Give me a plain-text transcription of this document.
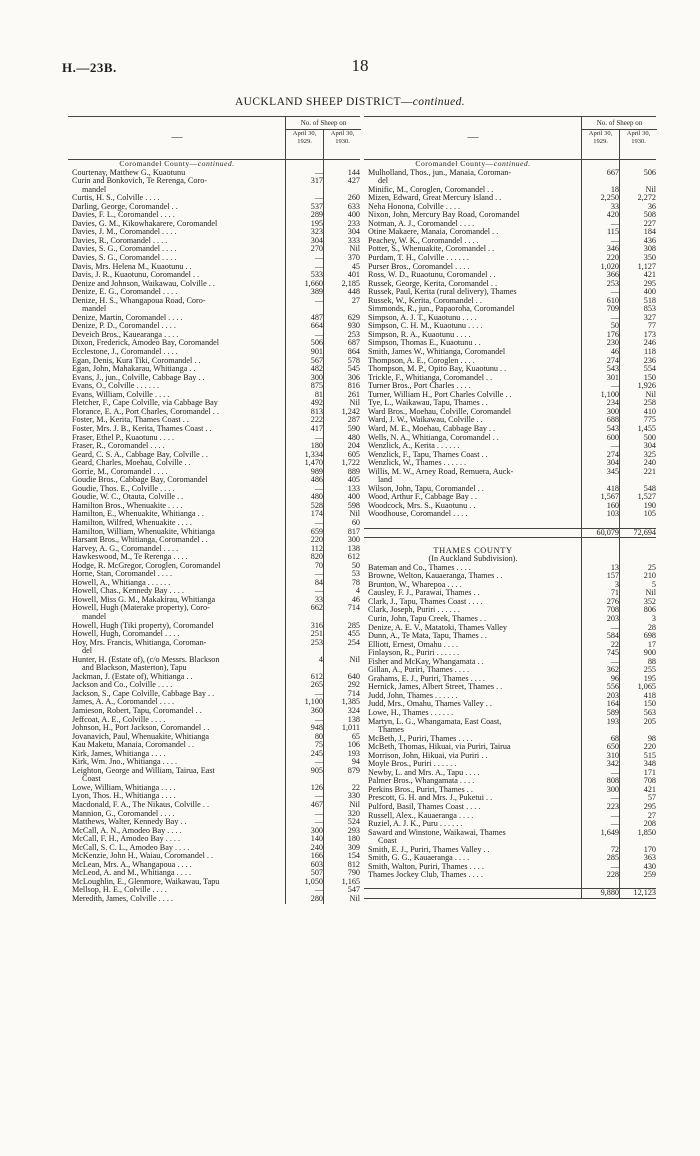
H.—23B.	18
AUCKLAND SHEEP DISTRICT—continued.
—
No. of Sheep on
April 30, 1929.
April 30, 1930.
Coromandel County—continued.
Courtenay, Matthew G., Kuaotunu	—	144
Curin and Bonkovich, Te Rerenga, Coro-	317	427
mandel
Curtis, H. S., Colville . . . .	—	260
Darling, George, Coromandel . .	537	633
Davies, F. L., Coromandel . . . .	289	400
Davies, G. M., Kikowhakarere, Coromandel	195	233
Davies, J. M., Coromandel . . . .	323	304
Davies, R., Coromandel . . . .	304	333
Davies, S. G., Coromandel . . . .	270	Nil
Davies, S. G., Coromandel . . . .	—	370
Davis, Mrs. Helena M., Kuaotunu . .	—	45
Davis, J. R., Kuaotunu, Coromandel . .	533	401
Denize and Johnson, Waikawau, Colville . .	1,660	2,185
Denize, E. G., Coromandel . . . .	389	448
Denize, H. S., Whangapoua Road, Coro-	—	27
mandel
Denize, Martin, Coromandel . . . .	487	629
Denize, P. D., Coromandel . . . .	664	930
Deveich Bros., Kauearanga . . . .	—	253
Dixon, Frederick, Amodeo Bay, Coromandel	506	687
Ecclestone, J., Coromandel . . . .	901	864
Egan, Denis, Kura Tiki, Coromandel . .	567	578
Egan, John, Mahakarau, Whitianga . .	482	545
Evans, J., jun., Colville, Cabbage Bay . .	300	306
Evans, O., Colville . . . . . .	875	816
Evans, William, Colville . . . .	81	261
Fletcher, F., Cape Colville, via Cabbage Bay	492	Nil
Florance, E. A., Port Charles, Coromandel . .	813	1,242
Foster, M., Kerita, Thames Coast . .	222	287
Foster, Mrs. J. B., Kerita, Thames Coast . .	417	590
Fraser, Ethel P., Kuaotunu . . . .	—	480
Fraser, R., Coromandel . . . .	180	204
Geard, C. S. A., Cabbage Bay, Colville . .	1,334	605
Geard, Charles, Moehau, Colville . .	1,470	1,722
Gorrie, M., Coromandel . . . .	989	889
Goudie Bros., Cabbage Bay, Coromandel	486	405
Goudie, Thos. E., Colville . . . .	—	133
Goudie, W. C., Otauta, Colville . .	480	400
Hamilton Bros., Whenuakite . . . .	528	598
Hamilton, E., Whenuakite, Whitianga . .	174	Nil
Hamilton, Wilfred, Whenuakite . . . .	—	60
Hamilton, William, Whenuakite, Whitianga	659	817
Harsant Bros., Whitianga, Coromandel . .	220	300
Harvey, A. G., Coromandel . . . .	112	138
Hawkeswood, M., Te Rerenga . . . .	820	612
Hodge, R. McGregor, Coroglen, Coromandel	70	50
Horne, Stan, Coromandel . . . .	—	53
Howell, A., Whitianga . . . . . .	84	78
Howell, Chas., Kennedy Bay . . . .	—	4
Howell, Miss G. M., Makakirau, Whitianga	33	46
Howell, Hugh (Materake property), Coro-	662	714
mandel
Howell, Hugh (Tiki property), Coromandel	316	285
Howell, Hugh, Coromandel . . . .	251	455
Hoy, Mrs. Francis, Whitianga, Coroman-	253	254
del
Hunter, H. (Estate of), (c/o Messrs. Blackson	4	Nil
and Blackson, Masterton), Tapu
Jackman, J. (Estate of), Whitianga . .	612	640
Jackson and Co., Colville . . . .	265	292
Jackson, S., Cape Colville, Cabbage Bay . .	—	714
James, A. A., Coromandel . . . .	1,100	1,385
Jamieson, Robert, Tapu, Coromandel . .	360	324
Jeffcoat, A. E., Colville . . . .	—	138
Johnson, H., Port Jackson, Coromandel . .	948	1,011
Jovanavich, Paul, Whenuakite, Whitianga	80	65
Kau Maketu, Manaia, Coromandel . .	75	106
Kirk, James, Whitianga . . . .	245	193
Kirk, Wm. Jno., Whitianga . . . .	—	94
Leighton, George and William, Tairua, East	905	879
Coast
Lowe, William, Whitianga . . . .	126	22
Lyon, Thos. H., Whitianga . . . .	—	330
Macdonald, F. A., The Nikaus, Colville . .	467	Nil
Mannion, G., Coromandel . . . .	—	320
Matthews, Walter, Kennedy Bay . .	—	524
McCall, A. N., Amodeo Bay . . . .	300	293
McCall, F. H., Amodeo Bay . . . .	140	180
McCall, S. C. L., Amodeo Bay . . . .	240	309
McKenzie, John H., Waiau, Coromandel . .	166	154
McLean, Mrs. A., Whangapoua . . . .	603	812
McLeod, A. and M., Whitianga . . . .	507	790
McLoughlin, E., Glenmore, Waikawau, Tapu	1,050	1,165
Mellsop, H. E., Colville . . . .	—	547
Meredith, James, Colville . . . .	280	Nil
—
No. of Sheep on
April 30, 1929.
April 30, 1930.
Coromandel County—continued.
Mulholland, Thos., jun., Manaia, Coroman-	667	506
del
Minific, M., Coroglen, Coromandel . .	18	Nil
Mizen, Edward, Great Mercury Island . .	2,250	2,272
Neha Honona, Colville . . . .	33	36
Nixon, John, Mercury Bay Road, Coromandel	420	508
Notman, A. J., Coromandel . . . .	—	227
Otine Makaere, Manaia, Coromandel . .	115	184
Peachey, W. K., Coromandel . . . .	—	436
Potter, S., Whenuakite, Coromandel . .	346	308
Purdam, T. H., Colville . . . . . .	220	350
Purser Bros., Coromandel . . . .	1,020	1,127
Ross, W. D., Ruaotunu, Coromandel . .	366	421
Russek, George, Kerita, Coromandel . .	253	295
Russek, Paul, Kerita (rural delivery), Thames	—	400
Russek, W., Kerita, Coromandel . .	610	518
Simmonds, R., jun., Papaoroha, Coromandel	709	853
Simpson, A. J. T., Kuaotunu . . . .	—	327
Simpson, C. H. M., Kuaotunu . . . .	50	77
Simpson, R. A., Kuaotunu . . . .	176	173
Simpson, Thomas E., Kuaotunu . .	230	246
Smith, James W., Whitianga, Coromandel	46	118
Thompson, A. E., Coroglen . . . .	274	236
Thompson, M. P., Opito Bay, Kuaotunu . .	543	554
Trickle, F., Whitianga, Coromandel . .	301	150
Turner Bros., Port Charles . . . .	—	1,926
Turner, William H., Port Charles Colville . .	1,100	Nil
Tye, L., Waikawau, Tapu, Thames . .	234	258
Ward Bros., Moehau, Colville, Coromandel	300	410
Ward, J. W., Waikawau, Colville . .	688	775
Ward, M. E., Moehau, Cabbage Bay . .	543	1,455
Wells, N. A., Whitianga, Coromandel . .	600	500
Wenzlick, A., Kerita . . . . . .	—	304
Wenzlick, F., Tapu, Thames Coast . .	274	325
Wenzlick, W., Thames . . . . . .	304	240
Willis, M. W., Arney Road, Remuera, Auck-	345	221
land
Wilson, John, Tapu, Coromandel . .	418	548
Wood, Arthur F., Cabbage Bay . .	1,567	1,527
Woodcock, Mrs. S., Kuaotunu . .	160	190
Woodhouse, Coromandel . . . .	103	105
60,079	72,694
THAMES COUNTY
(In Auckland Subdivision).
Bateman and Co., Thames . . . .	13	25
Browne, Welton, Kauaeranga, Thames . .	157	210
Brunton, W., Wharepoa . . . .	3	5
Causley, F. J., Parawai, Thames . .	71	Nil
Clark, J., Tapu, Thames Coast . . . .	276	352
Clark, Joseph, Puriri . . . . . .	708	806
Curin, John, Tapu Creek, Thames . .	203	3
Denize, A. E. V., Matatoki, Thames Valley	—	28
Dunn, A., Te Mata, Tapu, Thames . .	584	698
Elliott, Ernest, Omahu . . . .	22	17
Finlayson, R., Puriri . . . . . .	745	900
Fisher and McKay, Whangamata . .	—	88
Gillan, A., Puriri, Thames . . . .	362	255
Grahams, E. J., Puriri, Thames . . . .	96	195
Hernick, James, Albert Street, Thames . .	556	1,065
Judd, John, Thames . . . . . .	203	418
Judd, Mrs., Omahu, Thames Valley . .	164	150
Lowe, H., Thames . . . . . .	589	563
Martyn, L. G., Whangamata, East Coast,	193	205
Thames
McBeth, J., Puriri, Thames . . . .	68	98
McBeth, Thomas, Hikuai, via Puriri, Tairua	650	220
Morrison, John, Hikuai, via Puriri . .	310	515
Moyle Bros., Puriri . . . . . .	342	348
Newby, L. and Mrs. A., Tapu . . . .	—	171
Palmer Bros., Whangamata . . . .	808	708
Perkins Bros., Puriri, Thames . .	300	421
Prescott, G. H. and Mrs. J., Puketui . .	—	57
Pulford, Basil, Thames Coast . . . .	223	295
Russell, Alex., Kauaeranga . . . .	—	27
Ruziel, A. J. K., Puru . . . . . .	—	208
Saward and Winstone, Waikawai, Thames	1,649	1,850
Coast
Smith, E. J., Puriri, Thames Valley . .	72	170
Smith, G. G., Kauaeranga . . . .	285	363
Smith, Walton, Puriri, Thames . . . .	—	430
Thames Jockey Club, Thames . . . .	228	259
9,880	12,123
